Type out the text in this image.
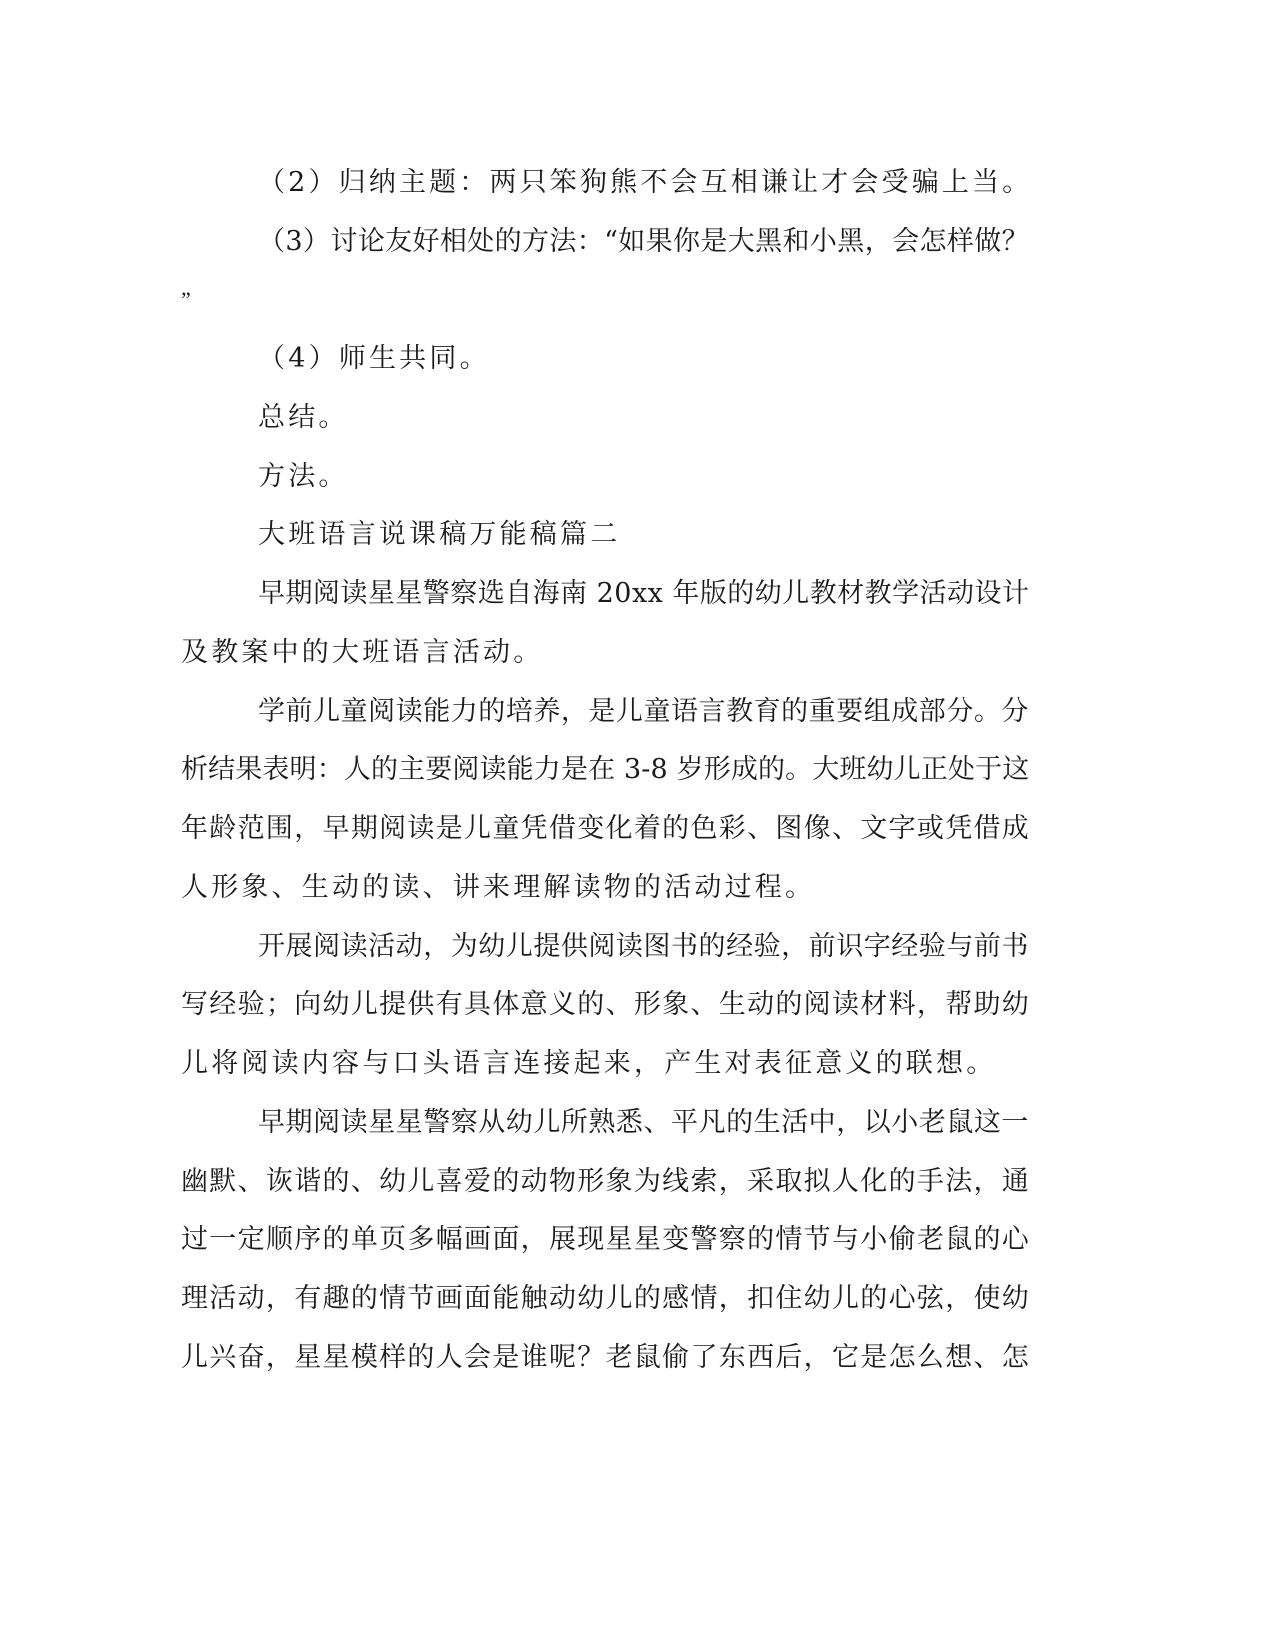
（2）归纳主题：两只笨狗熊不会互相谦让才会受骗上当。
（3）讨论友好相处的方法：“如果你是大黑和小黑，会怎样做？
”
（4）师生共同。
总结。
方法。
大班语言说课稿万能稿篇二
早期阅读星星警察选自海南 20xx 年版的幼儿教材教学活动设计
及教案中的大班语言活动。
学前儿童阅读能力的培养，是儿童语言教育的重要组成部分。分
析结果表明：人的主要阅读能力是在 3-8 岁形成的。大班幼儿正处于这
年龄范围，早期阅读是儿童凭借变化着的色彩、图像、文字或凭借成
人形象、生动的读、讲来理解读物的活动过程。
开展阅读活动，为幼儿提供阅读图书的经验，前识字经验与前书
写经验；向幼儿提供有具体意义的、形象、生动的阅读材料，帮助幼
儿将阅读内容与口头语言连接起来，产生对表征意义的联想。
早期阅读星星警察从幼儿所熟悉、平凡的生活中，以小老鼠这一
幽默、诙谐的、幼儿喜爱的动物形象为线索，采取拟人化的手法，通
过一定顺序的单页多幅画面，展现星星变警察的情节与小偷老鼠的心
理活动，有趣的情节画面能触动幼儿的感情，扣住幼儿的心弦，使幼
儿兴奋，星星模样的人会是谁呢？老鼠偷了东西后，它是怎么想、怎
